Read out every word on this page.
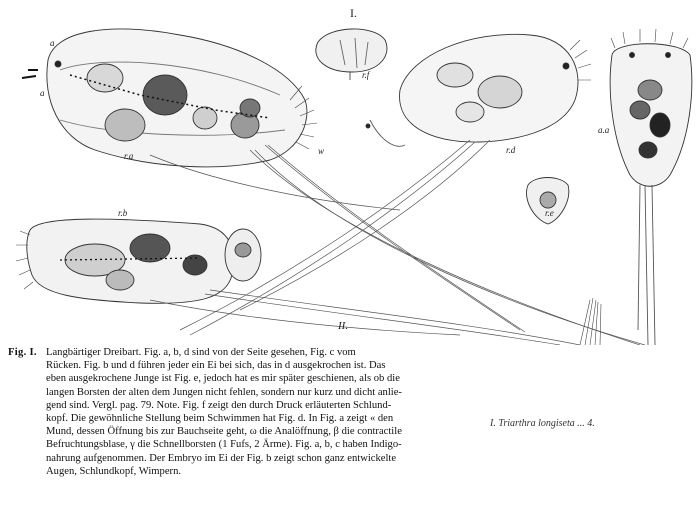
I.
II.
a
r.b
r.f
r.d
r.e
r.a	w
a.a
a
Fig. I. Langbärtiger Dreibart. Fig. a, b, d sind von der Seite gesehen, Fig. c vom
Rücken. Fig. b und d führen jeder ein Ei bei sich, das in d ausgekrochen ist. Das
eben ausgekrochene Junge ist Fig. e, jedoch hat es mir später geschienen, als ob die
langen Borsten der alten dem Jungen nicht fehlen, sondern nur kurz und dicht anlie-
gend sind. Vergl. pag. 79. Note. Fig. f zeigt den durch Druck erläuterten Schlund-
kopf. Die gewöhnliche Stellung beim Schwimmen hat Fig. d. In Fig. a zeigt « den
Mund, dessen Öffnung bis zur Bauchseite geht, ω die Analöffnung, β die contractile
Befruchtungsblase, γ die Schnellborsten (1 Fufs, 2 Ärme). Fig. a, b, c haben Indigo-
nahrung aufgenommen. Der Embryo im Ei der Fig. b zeigt schon ganz entwickelte
Augen, Schlundkopf, Wimpern.
I. Triarthra longiseta ... 4.
